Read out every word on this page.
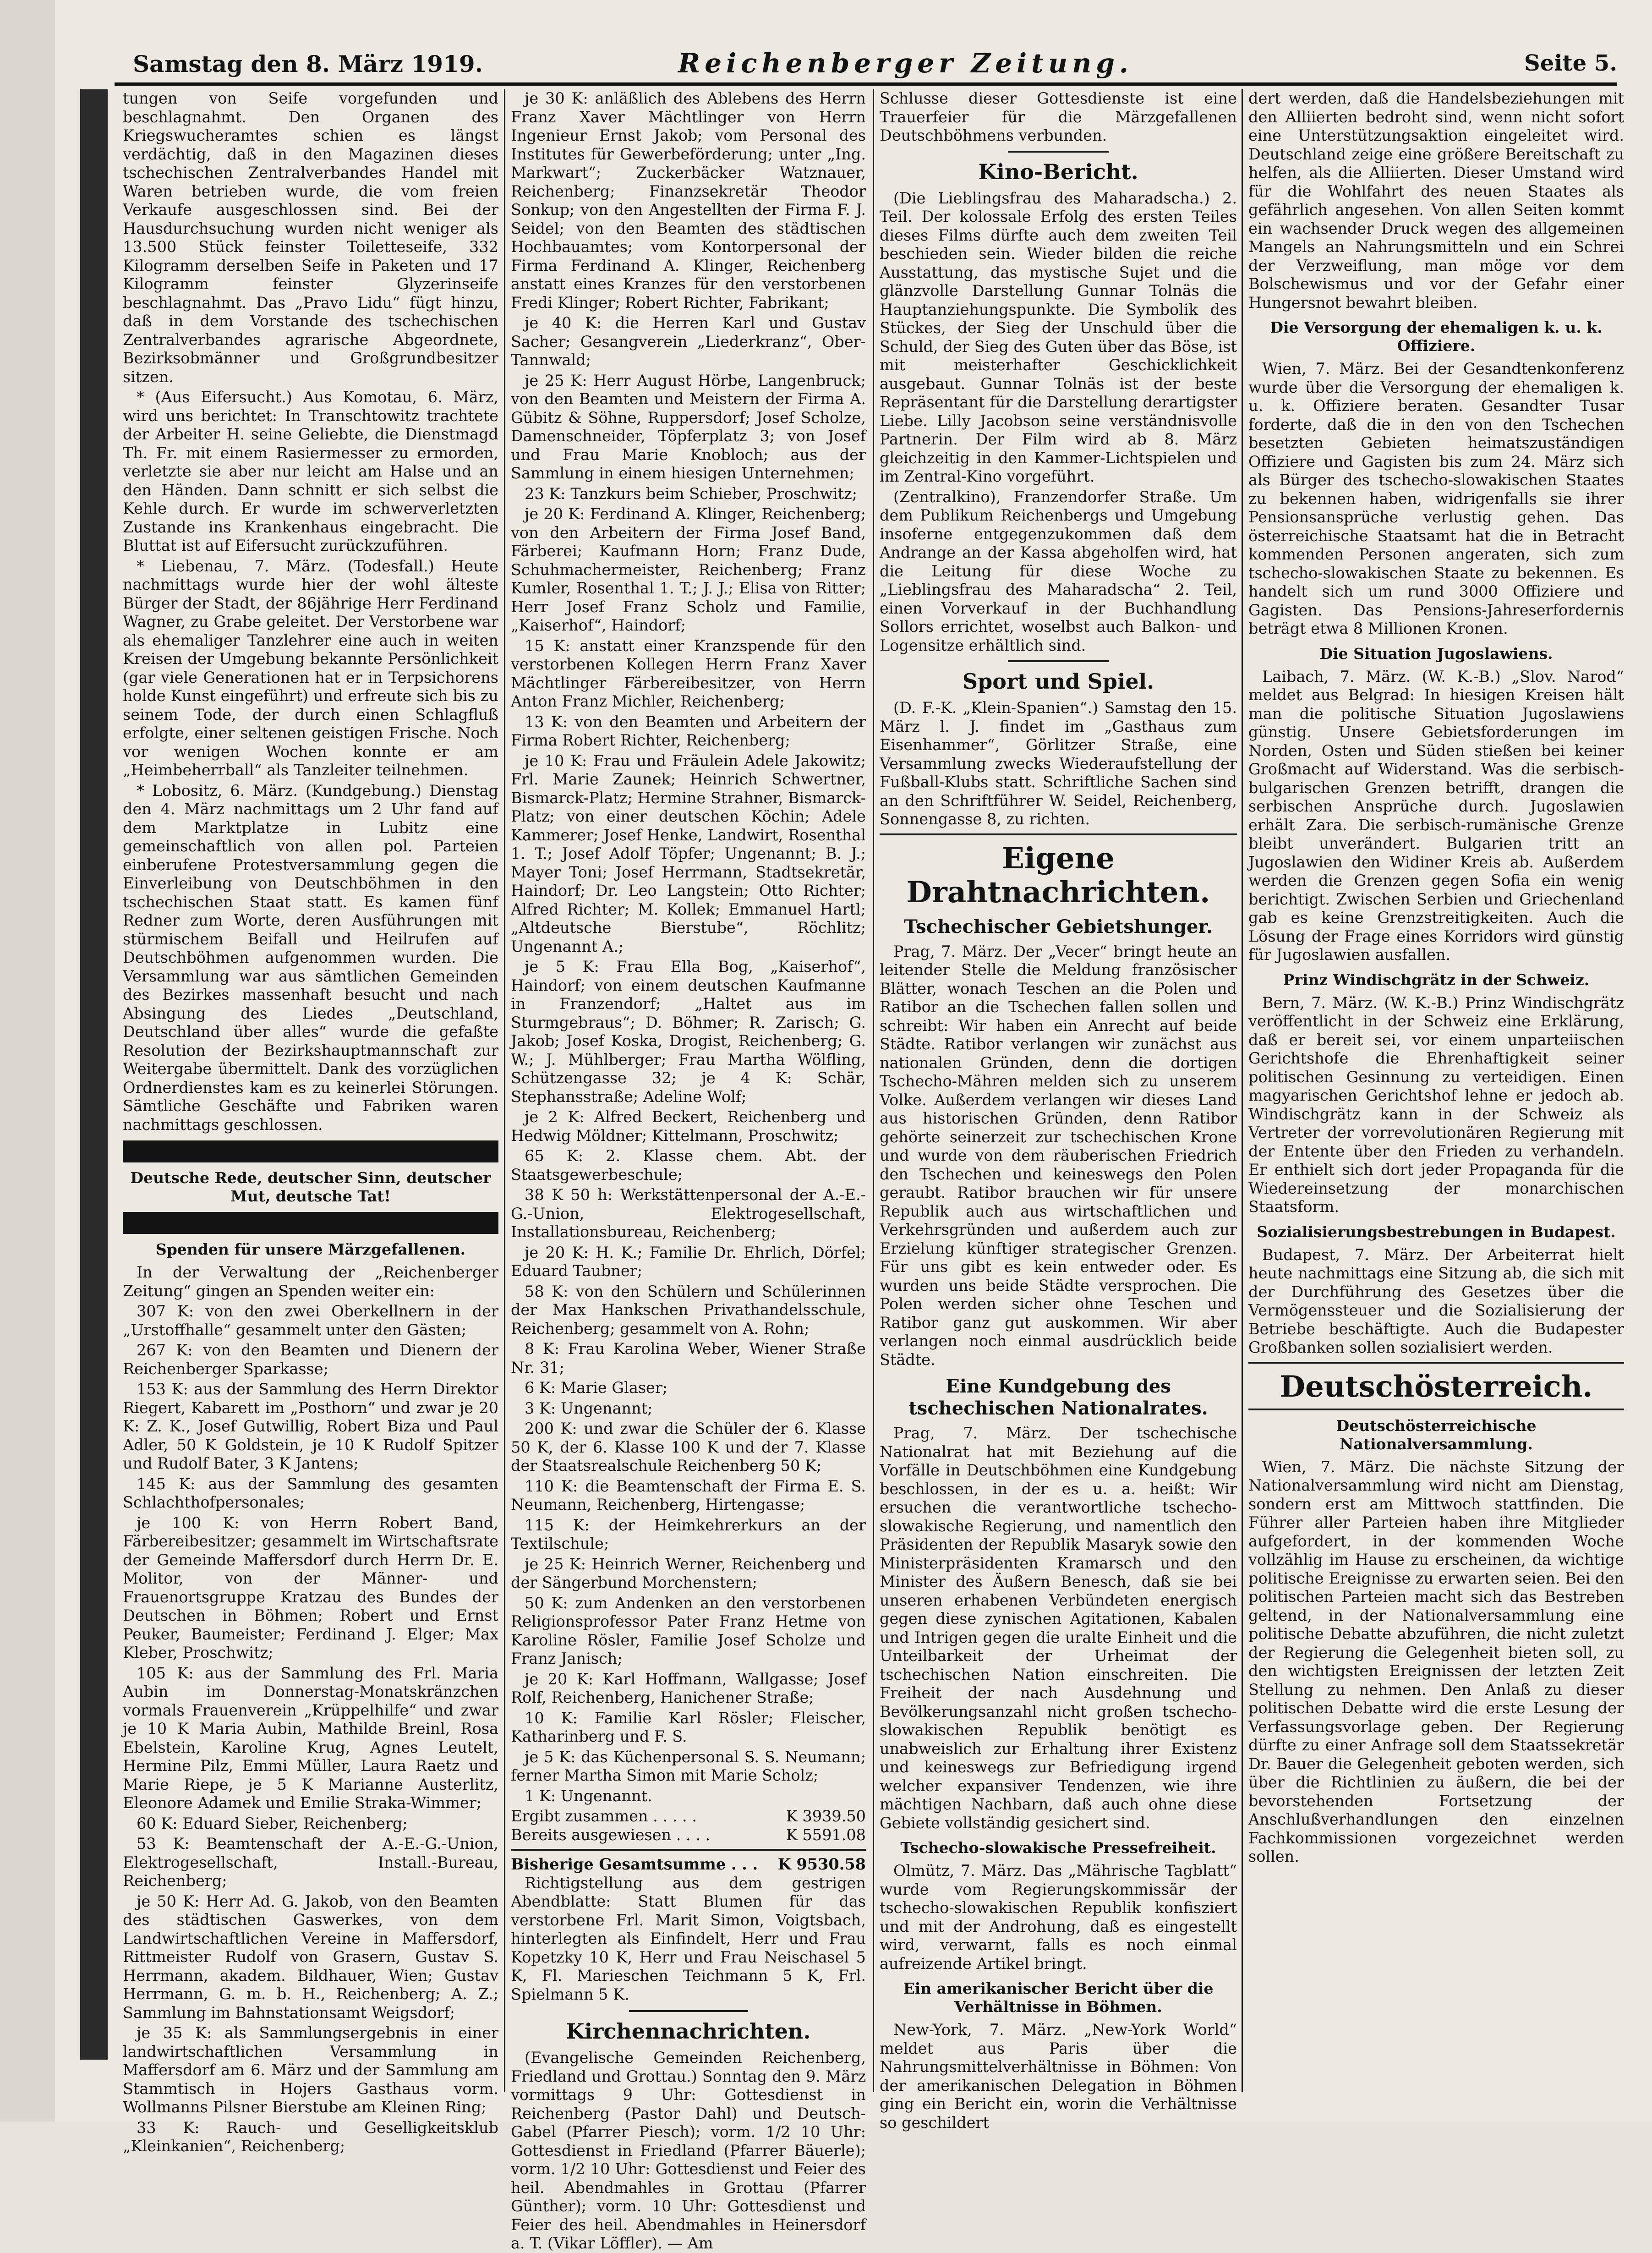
Samstag den 8. März 1919.	Reichenberger Zeitung.	Seite 5.

tungen von Seife vorgefunden und beschlagnahmt. Den Organen des Kriegswucheramtes schien es längst verdächtig, daß in den Magazinen dieses tschechischen Zentralverbandes Handel mit Waren betrieben wurde, die vom freien Verkaufe ausgeschlossen sind. Bei der Hausdurchsuchung wurden nicht weniger als 13.500 Stück feinster Toiletteseife, 332 Kilogramm derselben Seife in Paketen und 17 Kilogramm feinster Glyzerinseife beschlagnahmt. Das „Pravo Lidu“ fügt hinzu, daß in dem Vorstande des tschechischen Zentralverbandes agrarische Abgeordnete, Bezirksobmänner und Großgrundbesitzer sitzen.

* (Aus Eifersucht.) Aus Komotau, 6. März, wird uns berichtet: In Transchtowitz trachtete der Arbeiter H. seine Geliebte, die Dienstmagd Th. Fr. mit einem Rasiermesser zu ermorden, verletzte sie aber nur leicht am Halse und an den Händen. Dann schnitt er sich selbst die Kehle durch. Er wurde im schwerverletzten Zustande ins Krankenhaus eingebracht. Die Bluttat ist auf Eifersucht zurückzuführen.

* Liebenau, 7. März. (Todesfall.) Heute nachmittags wurde hier der wohl älteste Bürger der Stadt, der 86jährige Herr Ferdinand Wagner, zu Grabe geleitet. Der Verstorbene war als ehemaliger Tanzlehrer eine auch in weiten Kreisen der Umgebung bekannte Persönlichkeit (gar viele Generationen hat er in Terpsichorens holde Kunst eingeführt) und erfreute sich bis zu seinem Tode, der durch einen Schlagfluß erfolgte, einer seltenen geistigen Frische. Noch vor wenigen Wochen konnte er am „Heimbeherrball“ als Tanzleiter teilnehmen.

* Lobositz, 6. März. (Kundgebung.) Dienstag den 4. März nachmittags um 2 Uhr fand auf dem Marktplatze in Lubitz eine gemeinschaftlich von allen pol. Parteien einberufene Protestversammlung gegen die Einverleibung von Deutschböhmen in den tschechischen Staat statt. Es kamen fünf Redner zum Worte, deren Ausführungen mit stürmischem Beifall und Heilrufen auf Deutschböhmen aufgenommen wurden. Die Versammlung war aus sämtlichen Gemeinden des Bezirkes massenhaft besucht und nach Absingung des Liedes „Deutschland, Deutschland über alles“ wurde die gefaßte Resolution der Bezirkshauptmannschaft zur Weitergabe übermittelt. Dank des vorzüglichen Ordnerdienstes kam es zu keinerlei Störungen. Sämtliche Geschäfte und Fabriken waren nachmittags geschlossen.

Deutsche Rede, deutscher Sinn, deutscher Mut, deutsche Tat!
Spenden für unsere Märzgefallenen.

In der Verwaltung der „Reichenberger Zeitung“ gingen an Spenden weiter ein:

307 K: von den zwei Oberkellnern in der „Urstoffhalle“ gesammelt unter den Gästen;

267 K: von den Beamten und Dienern der Reichenberger Sparkasse;

153 K: aus der Sammlung des Herrn Direktor Riegert, Kabarett im „Posthorn“ und zwar je 20 K: Z. K., Josef Gutwillig, Robert Biza und Paul Adler, 50 K Goldstein, je 10 K Rudolf Spitzer und Rudolf Bater, 3 K Jantens;

145 K: aus der Sammlung des gesamten Schlachthofpersonales;

je 100 K: von Herrn Robert Band, Färbereibesitzer; gesammelt im Wirtschaftsrate der Gemeinde Maffersdorf durch Herrn Dr. E. Molitor, von der Männer- und Frauenortsgruppe Kratzau des Bundes der Deutschen in Böhmen; Robert und Ernst Peuker, Baumeister; Ferdinand J. Elger; Max Kleber, Proschwitz;

105 K: aus der Sammlung des Frl. Maria Aubin im Donnerstag-Monatskränzchen vormals Frauenverein „Krüppelhilfe“ und zwar je 10 K Maria Aubin, Mathilde Breinl, Rosa Ebelstein, Karoline Krug, Agnes Leutelt, Hermine Pilz, Emmi Müller, Laura Raetz und Marie Riepe, je 5 K Marianne Austerlitz, Eleonore Adamek und Emilie Straka-Wimmer;

60 K: Eduard Sieber, Reichenberg;

53 K: Beamtenschaft der A.-E.-G.-Union, Elektrogesellschaft, Install.-Bureau, Reichenberg;

je 50 K: Herr Ad. G. Jakob, von den Beamten des städtischen Gaswerkes, von dem Landwirtschaftlichen Vereine in Maffersdorf, Rittmeister Rudolf von Grasern, Gustav S. Herrmann, akadem. Bildhauer, Wien; Gustav Herrmann, G. m. b. H., Reichenberg; A. Z.; Sammlung im Bahnstationsamt Weigsdorf;

je 35 K: als Sammlungsergebnis in einer landwirtschaftlichen Versammlung in Maffersdorf am 6. März und der Sammlung am Stammtisch in Hojers Gasthaus vorm. Wollmanns Pilsner Bierstube am Kleinen Ring;

33 K: Rauch- und Geselligkeitsklub „Kleinkanien“, Reichenberg;

je 30 K: anläßlich des Ablebens des Herrn Franz Xaver Mächtlinger von Herrn Ingenieur Ernst Jakob; vom Personal des Institutes für Gewerbeförderung; unter „Ing. Markwart“; Zuckerbäcker Watznauer, Reichenberg; Finanzsekretär Theodor Sonkup; von den Angestellten der Firma F. J. Seidel; von den Beamten des städtischen Hochbauamtes; vom Kontorpersonal der Firma Ferdinand A. Klinger, Reichenberg anstatt eines Kranzes für den verstorbenen Fredi Klinger; Robert Richter, Fabrikant;

je 40 K: die Herren Karl und Gustav Sacher; Gesangverein „Liederkranz“, Ober-Tannwald;

je 25 K: Herr August Hörbe, Langenbruck; von den Beamten und Meistern der Firma A. Gübitz & Söhne, Ruppersdorf; Josef Scholze, Damenschneider, Töpferplatz 3; von Josef und Frau Marie Knobloch; aus der Sammlung in einem hiesigen Unternehmen;

23 K: Tanzkurs beim Schieber, Proschwitz;

je 20 K: Ferdinand A. Klinger, Reichenberg; von den Arbeitern der Firma Josef Band, Färberei; Kaufmann Horn; Franz Dude, Schuhmachermeister, Reichenberg; Franz Kumler, Rosenthal 1. T.; J. J.; Elisa von Ritter; Herr Josef Franz Scholz und Familie, „Kaiserhof“, Haindorf;

15 K: anstatt einer Kranzspende für den verstorbenen Kollegen Herrn Franz Xaver Mächtlinger Färbereibesitzer, von Herrn Anton Franz Michler, Reichenberg;

13 K: von den Beamten und Arbeitern der Firma Robert Richter, Reichenberg;

je 10 K: Frau und Fräulein Adele Jakowitz; Frl. Marie Zaunek; Heinrich Schwertner, Bismarck-Platz; Hermine Strahner, Bismarck-Platz; von einer deutschen Köchin; Adele Kammerer; Josef Henke, Landwirt, Rosenthal 1. T.; Josef Adolf Töpfer; Ungenannt; B. J.; Mayer Toni; Josef Herrmann, Stadtsekretär, Haindorf; Dr. Leo Langstein; Otto Richter; Alfred Richter; M. Kollek; Emmanuel Hartl; „Altdeutsche Bierstube“, Röchlitz; Ungenannt A.;

je 5 K: Frau Ella Bog, „Kaiserhof“, Haindorf; von einem deutschen Kaufmanne in Franzendorf; „Haltet aus im Sturmgebraus“; D. Böhmer; R. Zarisch; G. Jakob; Josef Koska, Drogist, Reichenberg; G. W.; J. Mühlberger; Frau Martha Wölfling, Schützengasse 32; je 4 K: Schär, Stephansstraße; Adeline Wolf;

je 2 K: Alfred Beckert, Reichenberg und Hedwig Möldner; Kittelmann, Proschwitz;

65 K: 2. Klasse chem. Abt. der Staatsgewerbeschule;

38 K 50 h: Werkstättenpersonal der A.-E.-G.-Union, Elektrogesellschaft, Installationsbureau, Reichenberg;

je 20 K: H. K.; Familie Dr. Ehrlich, Dörfel; Eduard Taubner;

58 K: von den Schülern und Schülerinnen der Max Hankschen Privathandelsschule, Reichenberg; gesammelt von A. Rohn;

8 K: Frau Karolina Weber, Wiener Straße Nr. 31;

6 K: Marie Glaser;

3 K: Ungenannt;

200 K: und zwar die Schüler der 6. Klasse 50 K, der 6. Klasse 100 K und der 7. Klasse der Staatsrealschule Reichenberg 50 K;

110 K: die Beamtenschaft der Firma E. S. Neumann, Reichenberg, Hirtengasse;

115 K: der Heimkehrerkurs an der Textilschule;

je 25 K: Heinrich Werner, Reichenberg und der Sängerbund Morchenstern;

50 K: zum Andenken an den verstorbenen Religionsprofessor Pater Franz Hetme von Karoline Rösler, Familie Josef Scholze und Franz Janisch;

je 20 K: Karl Hoffmann, Wallgasse; Josef Rolf, Reichenberg, Hanichener Straße;

10 K: Familie Karl Rösler; Fleischer, Katharinberg und F. S.

je 5 K: das Küchenpersonal S. S. Neumann; ferner Martha Simon mit Marie Scholz;

1 K: Ungenannt.

Ergibt zusammen . . . . .	K 3939.50
Bereits ausgewiesen . . . .	K 5591.08
Bisherige Gesamtsumme . . . K 9530.58

Richtigstellung aus dem gestrigen Abendblatte: Statt Blumen für das verstorbene Frl. Marit Simon, Voigtsbach, hinterlegten als Einfindelt, Herr und Frau Kopetzky 10 K, Herr und Frau Neischasel 5 K, Fl. Marieschen Teichmann 5 K, Frl. Spielmann 5 K.

Kirchennachrichten.

(Evangelische Gemeinden Reichenberg, Friedland und Grottau.) Sonntag den 9. März vormittags 9 Uhr: Gottesdienst in Reichenberg (Pastor Dahl) und Deutsch-Gabel (Pfarrer Piesch); vorm. 1/2 10 Uhr: Gottesdienst in Friedland (Pfarrer Bäuerle); vorm. 1/2 10 Uhr: Gottesdienst und Feier des heil. Abendmahles in Grottau (Pfarrer Günther); vorm. 10 Uhr: Gottesdienst und Feier des heil. Abendmahles in Heinersdorf a. T. (Vikar Löffler). — Am

Schlusse dieser Gottesdienste ist eine Trauerfeier für die Märzgefallenen Deutschböhmens verbunden.

Kino-Bericht.

(Die Lieblingsfrau des Maharadscha.) 2. Teil. Der kolossale Erfolg des ersten Teiles dieses Films dürfte auch dem zweiten Teil beschieden sein. Wieder bilden die reiche Ausstattung, das mystische Sujet und die glänzvolle Darstellung Gunnar Tolnäs die Hauptanziehungspunkte. Die Symbolik des Stückes, der Sieg der Unschuld über die Schuld, der Sieg des Guten über das Böse, ist mit meisterhafter Geschicklichkeit ausgebaut. Gunnar Tolnäs ist der beste Repräsentant für die Darstellung derartigster Liebe. Lilly Jacobson seine verständnisvolle Partnerin. Der Film wird ab 8. März gleichzeitig in den Kammer-Lichtspielen und im Zentral-Kino vorgeführt.

(Zentralkino), Franzendorfer Straße. Um dem Publikum Reichenbergs und Umgebung insoferne entgegenzukommen daß dem Andrange an der Kassa abgeholfen wird, hat die Leitung für diese Woche zu „Lieblingsfrau des Maharadscha“ 2. Teil, einen Vorverkauf in der Buchhandlung Sollors errichtet, woselbst auch Balkon- und Logensitze erhältlich sind.

Sport und Spiel.

(D. F.-K. „Klein-Spanien“.) Samstag den 15. März l. J. findet im „Gasthaus zum Eisenhammer“, Görlitzer Straße, eine Versammlung zwecks Wiederaufstellung der Fußball-Klubs statt. Schriftliche Sachen sind an den Schriftführer W. Seidel, Reichenberg, Sonnengasse 8, zu richten.

Eigene Drahtnachrichten.
Tschechischer Gebietshunger.

Prag, 7. März. Der „Vecer“ bringt heute an leitender Stelle die Meldung französischer Blätter, wonach Teschen an die Polen und Ratibor an die Tschechen fallen sollen und schreibt: Wir haben ein Anrecht auf beide Städte. Ratibor verlangen wir zunächst aus nationalen Gründen, denn die dortigen Tschecho-Mähren melden sich zu unserem Volke. Außerdem verlangen wir dieses Land aus historischen Gründen, denn Ratibor gehörte seinerzeit zur tschechischen Krone und wurde von dem räuberischen Friedrich den Tschechen und keineswegs den Polen geraubt. Ratibor brauchen wir für unsere Republik auch aus wirtschaftlichen und Verkehrsgründen und außerdem auch zur Erzielung künftiger strategischer Grenzen. Für uns gibt es kein entweder oder. Es wurden uns beide Städte versprochen. Die Polen werden sicher ohne Teschen und Ratibor ganz gut auskommen. Wir aber verlangen noch einmal ausdrücklich beide Städte.

Eine Kundgebung des tschechischen Nationalrates.

Prag, 7. März. Der tschechische Nationalrat hat mit Beziehung auf die Vorfälle in Deutschböhmen eine Kundgebung beschlossen, in der es u. a. heißt: Wir ersuchen die verantwortliche tschecho-slowakische Regierung, und namentlich den Präsidenten der Republik Masaryk sowie den Ministerpräsidenten Kramarsch und den Minister des Äußern Benesch, daß sie bei unseren erhabenen Verbündeten energisch gegen diese zynischen Agitationen, Kabalen und Intrigen gegen die uralte Einheit und die Unteilbarkeit der Urheimat der tschechischen Nation einschreiten. Die Freiheit der nach Ausdehnung und Bevölkerungsanzahl nicht großen tschecho-slowakischen Republik benötigt es unabweislich zur Erhaltung ihrer Existenz und keineswegs zur Befriedigung irgend welcher expansiver Tendenzen, wie ihre mächtigen Nachbarn, daß auch ohne diese Gebiete vollständig gesichert sind.

Tschecho-slowakische Pressefreiheit.

Olmütz, 7. März. Das „Mährische Tagblatt“ wurde vom Regierungskommissär der tschecho-slowakischen Republik konfisziert und mit der Androhung, daß es eingestellt wird, verwarnt, falls es noch einmal aufreizende Artikel bringt.

Ein amerikanischer Bericht über die Verhältnisse in Böhmen.

New-York, 7. März. „New-York World“ meldet aus Paris über die Nahrungsmittelverhältnisse in Böhmen: Von der amerikanischen Delegation in Böhmen ging ein Bericht ein, worin die Verhältnisse so geschildert

dert werden, daß die Handelsbeziehungen mit den Alliierten bedroht sind, wenn nicht sofort eine Unterstützungsaktion eingeleitet wird. Deutschland zeige eine größere Bereitschaft zu helfen, als die Alliierten. Dieser Umstand wird für die Wohlfahrt des neuen Staates als gefährlich angesehen. Von allen Seiten kommt ein wachsender Druck wegen des allgemeinen Mangels an Nahrungsmitteln und ein Schrei der Verzweiflung, man möge vor dem Bolschewismus und vor der Gefahr einer Hungersnot bewahrt bleiben.

Die Versorgung der ehemaligen k. u. k. Offiziere.

Wien, 7. März. Bei der Gesandtenkonferenz wurde über die Versorgung der ehemaligen k. u. k. Offiziere beraten. Gesandter Tusar forderte, daß die in den von den Tschechen besetzten Gebieten heimatszuständigen Offiziere und Gagisten bis zum 24. März sich als Bürger des tschecho-slowakischen Staates zu bekennen haben, widrigenfalls sie ihrer Pensionsansprüche verlustig gehen. Das österreichische Staatsamt hat die in Betracht kommenden Personen angeraten, sich zum tschecho-slowakischen Staate zu bekennen. Es handelt sich um rund 3000 Offiziere und Gagisten. Das Pensions-Jahreserfordernis beträgt etwa 8 Millionen Kronen.

Die Situation Jugoslawiens.

Laibach, 7. März. (W. K.-B.) „Slov. Narod“ meldet aus Belgrad: In hiesigen Kreisen hält man die politische Situation Jugoslawiens günstig. Unsere Gebietsforderungen im Norden, Osten und Süden stießen bei keiner Großmacht auf Widerstand. Was die serbisch-bulgarischen Grenzen betrifft, drangen die serbischen Ansprüche durch. Jugoslawien erhält Zara. Die serbisch-rumänische Grenze bleibt unverändert. Bulgarien tritt an Jugoslawien den Widiner Kreis ab. Außerdem werden die Grenzen gegen Sofia ein wenig berichtigt. Zwischen Serbien und Griechenland gab es keine Grenzstreitigkeiten. Auch die Lösung der Frage eines Korridors wird günstig für Jugoslawien ausfallen.

Prinz Windischgrätz in der Schweiz.

Bern, 7. März. (W. K.-B.) Prinz Windischgrätz veröffentlicht in der Schweiz eine Erklärung, daß er bereit sei, vor einem unparteiischen Gerichtshofe die Ehrenhaftigkeit seiner politischen Gesinnung zu verteidigen. Einen magyarischen Gerichtshof lehne er jedoch ab. Windischgrätz kann in der Schweiz als Vertreter der vorrevolutionären Regierung mit der Entente über den Frieden zu verhandeln. Er enthielt sich dort jeder Propaganda für die Wiedereinsetzung der monarchischen Staatsform.

Sozialisierungsbestrebungen in Budapest.

Budapest, 7. März. Der Arbeiterrat hielt heute nachmittags eine Sitzung ab, die sich mit der Durchführung des Gesetzes über die Vermögenssteuer und die Sozialisierung der Betriebe beschäftigte. Auch die Budapester Großbanken sollen sozialisiert werden.

Deutschösterreich.
Deutschösterreichische Nationalversammlung.

Wien, 7. März. Die nächste Sitzung der Nationalversammlung wird nicht am Dienstag, sondern erst am Mittwoch stattfinden. Die Führer aller Parteien haben ihre Mitglieder aufgefordert, in der kommenden Woche vollzählig im Hause zu erscheinen, da wichtige politische Ereignisse zu erwarten seien. Bei den politischen Parteien macht sich das Bestreben geltend, in der Nationalversammlung eine politische Debatte abzuführen, die nicht zuletzt der Regierung die Gelegenheit bieten soll, zu den wichtigsten Ereignissen der letzten Zeit Stellung zu nehmen. Den Anlaß zu dieser politischen Debatte wird die erste Lesung der Verfassungsvorlage geben. Der Regierung dürfte zu einer Anfrage soll dem Staatssekretär Dr. Bauer die Gelegenheit geboten werden, sich über die Richtlinien zu äußern, die bei der bevorstehenden Fortsetzung der Anschlußverhandlungen den einzelnen Fachkommissionen vorgezeichnet werden sollen.
